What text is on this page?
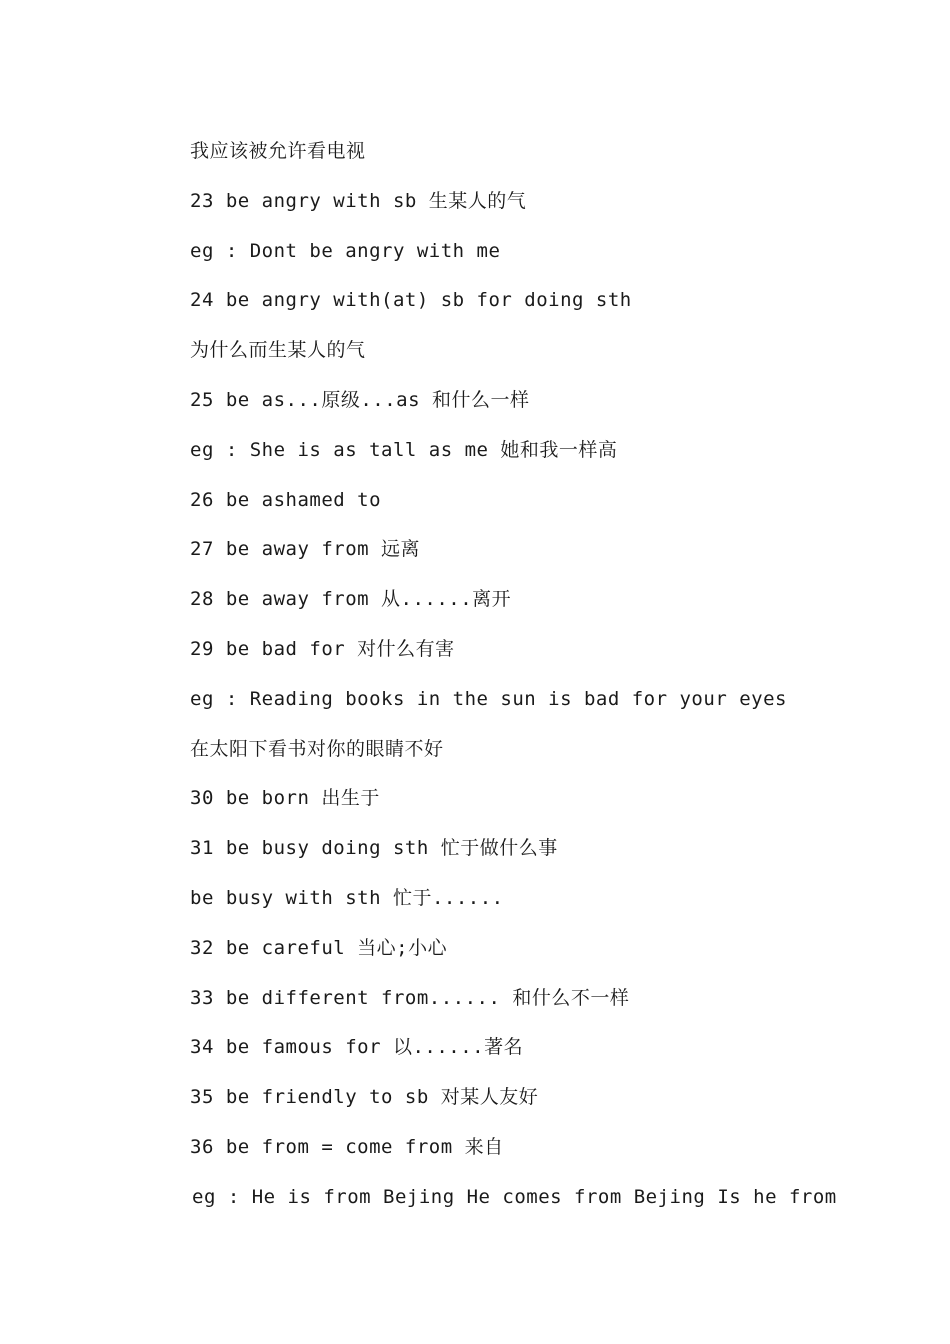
我应该被允许看电视
23 be angry with sb 生某人的气
eg : Dont be angry with me
24 be angry with(at) sb for doing sth
为什么而生某人的气
25 be as...原级...as 和什么一样
eg : She is as tall as me 她和我一样高
26 be ashamed to
27 be away from 远离
28 be away from 从......离开
29 be bad for 对什么有害
eg : Reading books in the sun is bad for your eyes
在太阳下看书对你的眼睛不好
30 be born 出生于
31 be busy doing sth 忙于做什么事
be busy with sth 忙于......
32 be careful 当心;小心
33 be different from...... 和什么不一样
34 be famous for 以......著名
35 be friendly to sb 对某人友好
36 be from = come from 来自
eg : He is from Bejing He comes from Bejing Is he from
